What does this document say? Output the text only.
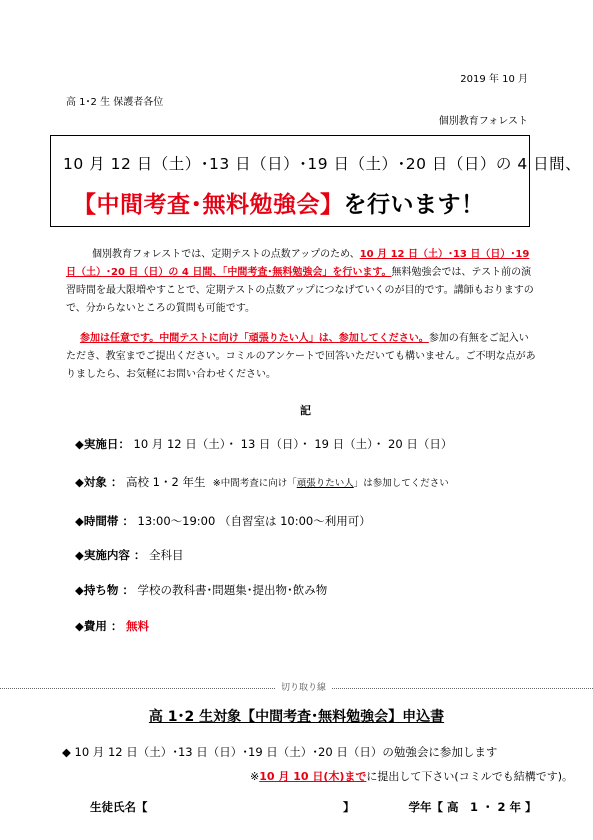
2019 年 10 月
高 1･2 生 保護者各位
個別教育フォレスト
10 月 12 日（土）･13 日（日）･19 日（土）･20 日（日）の 4 日間、
【中間考査･無料勉強会】を行います！
個別教育フォレストでは、定期テストの点数アップのため、10 月 12 日（土）･13 日（日）･19 日（土）･20 日（日）の 4 日間、「中間考査･無料勉強会」を行います。無料勉強会では、テスト前の演習時間を最大限増やすことで、定期テストの点数アップにつなげていくのが目的です。講師もおりますので、分からないところの質問も可能です。
参加は任意です。中間テストに向け「頑張りたい人」は、参加してください。参加の有無をご記入いただき、教室までご提出ください。コミルのアンケートで回答いただいても構いません。ご不明な点がありましたら、お気軽にお問い合わせください。
記
◆実施日： 10 月 12 日（土）・ 13 日（日）・ 19 日（土）・ 20 日（日）
◆対象 ： 高校 1・2 年生 ※中間考査に向け「頑張りたい人」は参加してください
◆時間帯 ： 13:00～19:00 （自習室は 10:00～利用可）
◆実施内容 ： 全科目
◆持ち物 ： 学校の教科書･問題集･提出物･飲み物
◆費用 ： 無料
切り取り線
高 1･2 生対象【中間考査･無料勉強会】申込書
◆ 10 月 12 日（土）･13 日（日）･19 日（土）･20 日（日）の勉強会に参加します
※10 月 10 日(木)までに提出して下さい(コミルでも結構です)。
生徒氏名【　　　　　　　　　　　　　　　　　】	学年【 高　1 ・ 2 年 】
